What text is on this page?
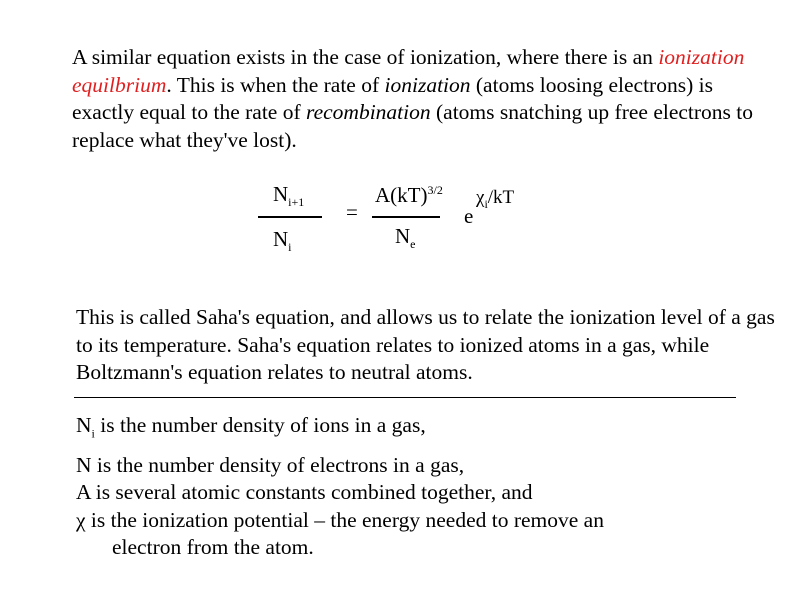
A similar equation exists in the case of ionization, where there is an ionization equilbrium. This is when the rate of ionization (atoms loosing electrons) is exactly equal to the rate of recombination (atoms snatching up free electrons to replace what they've lost).

$N_{i+1}$
$N_i$
=
A(kT)$^{3/2}$
$N_e$
e
$\chi_i/kT$

This is called Saha's equation, and allows us to relate the ionization level of a gas to its temperature. Saha's equation relates to ionized atoms in a gas, while Boltzmann's equation relates to neutral atoms.

$N_i$ is the number density of ions in a gas,
N is the number density of electrons in a gas,
A is several atomic constants combined together, and
χ is the ionization potential – the energy needed to remove an
electron from the atom.
